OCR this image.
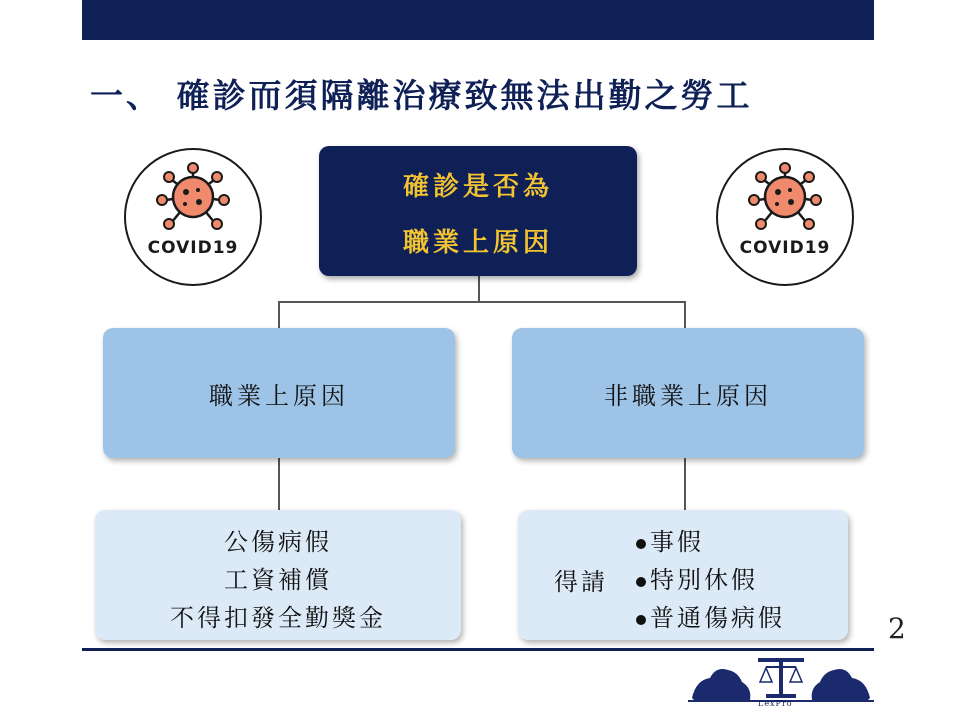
一、 確診而須隔離治療致無法出勤之勞工
COVID19	COVID19
確診是否為
職業上原因
職業上原因	非職業上原因
公傷病假
工資補償
不得扣發全勤獎金
得請
事假
特別休假
普通傷病假	2
LexPro
